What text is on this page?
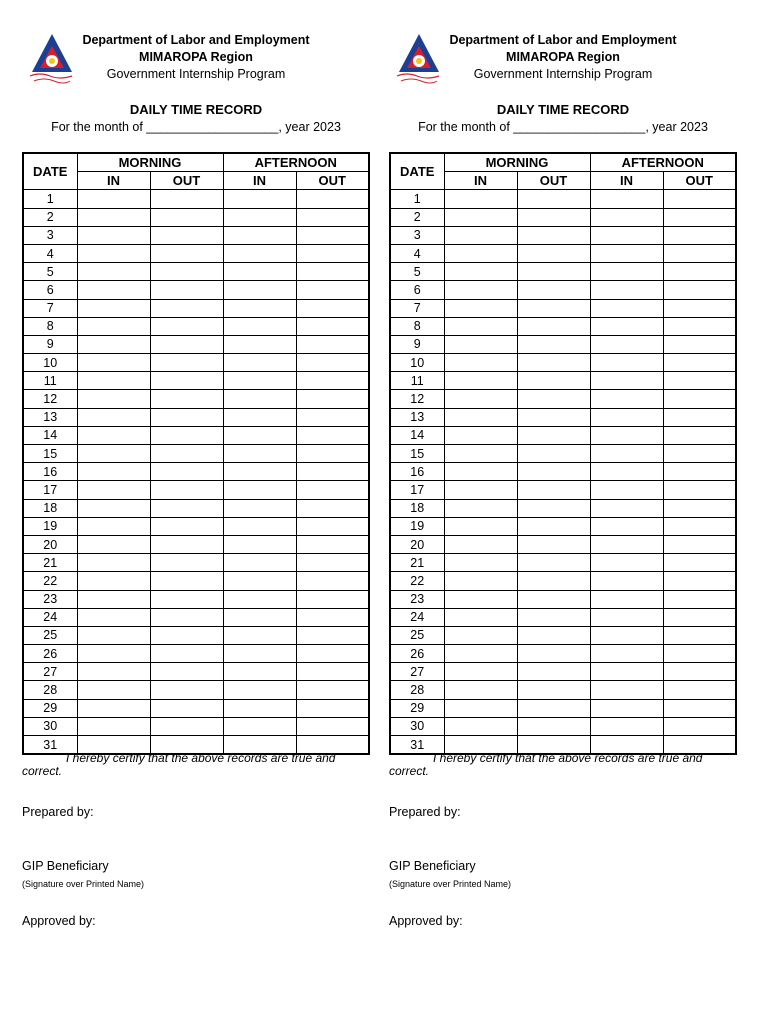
Department of Labor and Employment
MIMAROPA Region
Government Internship Program
DAILY TIME RECORD
For the month of ___________________, year 2023
DATE	MORNING		AFTERNOON	
	IN	OUT	IN	OUT
1				
2				
3				
4				
5				
6				
7				
8				
9				
10				
11				
12				
13				
14				
15				
16				
17				
18				
19				
20				
21				
22				
23				
24				
25				
26				
27				
28				
29				
30				
31				
I hereby certify that the above records are true and correct.
Prepared by:
GIP Beneficiary
(Signature over Printed Name)
Approved by:
Department of Labor and Employment
MIMAROPA Region
Government Internship Program
DAILY TIME RECORD
For the month of ___________________, year 2023
DATE	MORNING		AFTERNOON	
	IN	OUT	IN	OUT
1				
2				
3				
4				
5				
6				
7				
8				
9				
10				
11				
12				
13				
14				
15				
16				
17				
18				
19				
20				
21				
22				
23				
24				
25				
26				
27				
28				
29				
30				
31				
I hereby certify that the above records are true and correct.
Prepared by:
GIP Beneficiary
(Signature over Printed Name)
Approved by:
